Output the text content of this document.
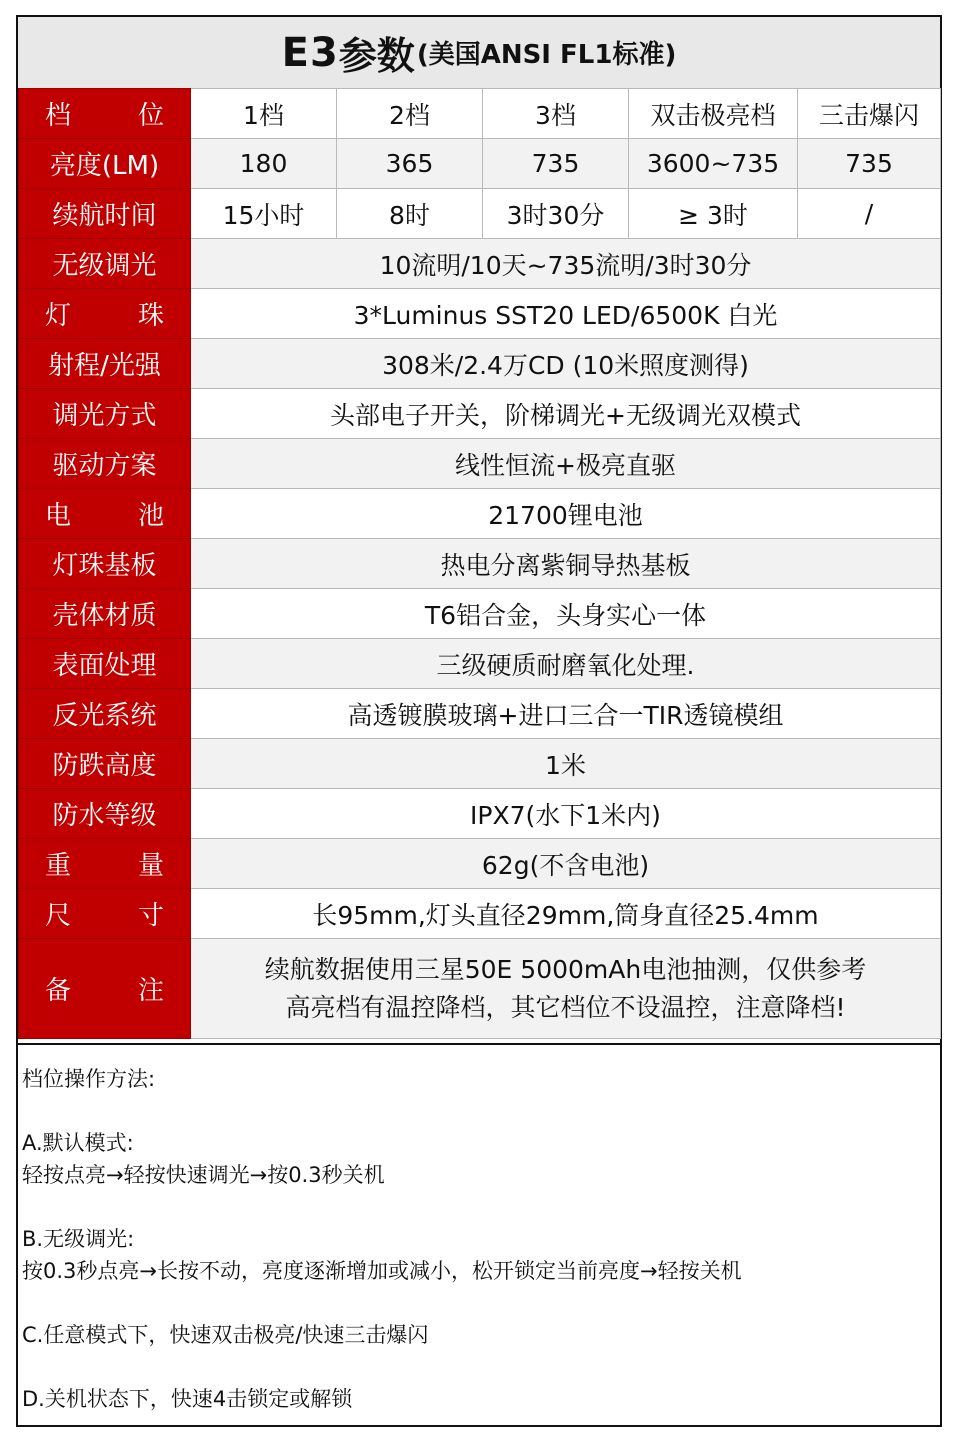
E3 参数 (美国ANSI FL1标准)
档位	1档	2档	3档	双击极亮档	三击爆闪
亮度(LM)	180	365	735	3600~735	735
续航时间	15小时	8时	3时30分	≥ 3时	/
无级调光	10流明/10天~735流明/3时30分				
灯珠	3*Luminus SST20 LED/6500K 白光				
射程/光强	308米/2.4万CD (10米照度测得)				
调光方式	头部电子开关，阶梯调光+无级调光双模式				
驱动方案	线性恒流+极亮直驱				
电池	21700锂电池				
灯珠基板	热电分离紫铜导热基板				
壳体材质	T6铝合金，头身实心一体				
表面处理	三级硬质耐磨氧化处理.				
反光系统	高透镀膜玻璃+进口三合一TIR透镜模组				
防跌高度	1米				
防水等级	IPX7(水下1米内)				
重量	62g(不含电池)				
尺寸	长95mm,灯头直径29mm,筒身直径25.4mm				
备注	续航数据使用三星50E 5000mAh电池抽测，仅供参考
高亮档有温控降档，其它档位不设温控，注意降档!				
档位操作方法:
A.默认模式:
轻按点亮→轻按快速调光→按0.3秒关机
B.无级调光:
按0.3秒点亮→长按不动，亮度逐渐增加或减小，松开锁定当前亮度→轻按关机
C.任意模式下，快速双击极亮/快速三击爆闪
D.关机状态下，快速4击锁定或解锁
